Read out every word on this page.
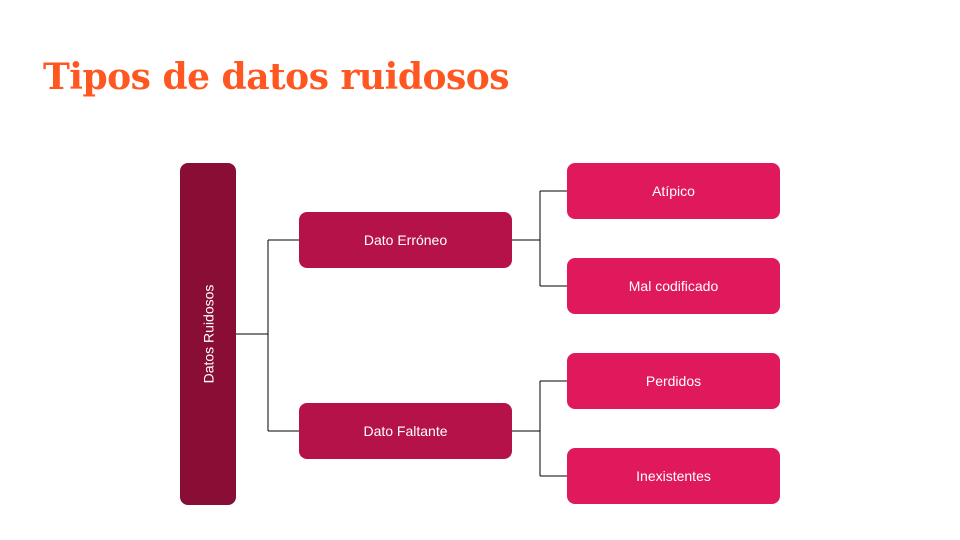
Tipos de datos ruidosos
Datos Ruidosos
Dato Erróneo
Dato Faltante
Atípico
Mal codificado
Perdidos
Inexistentes
